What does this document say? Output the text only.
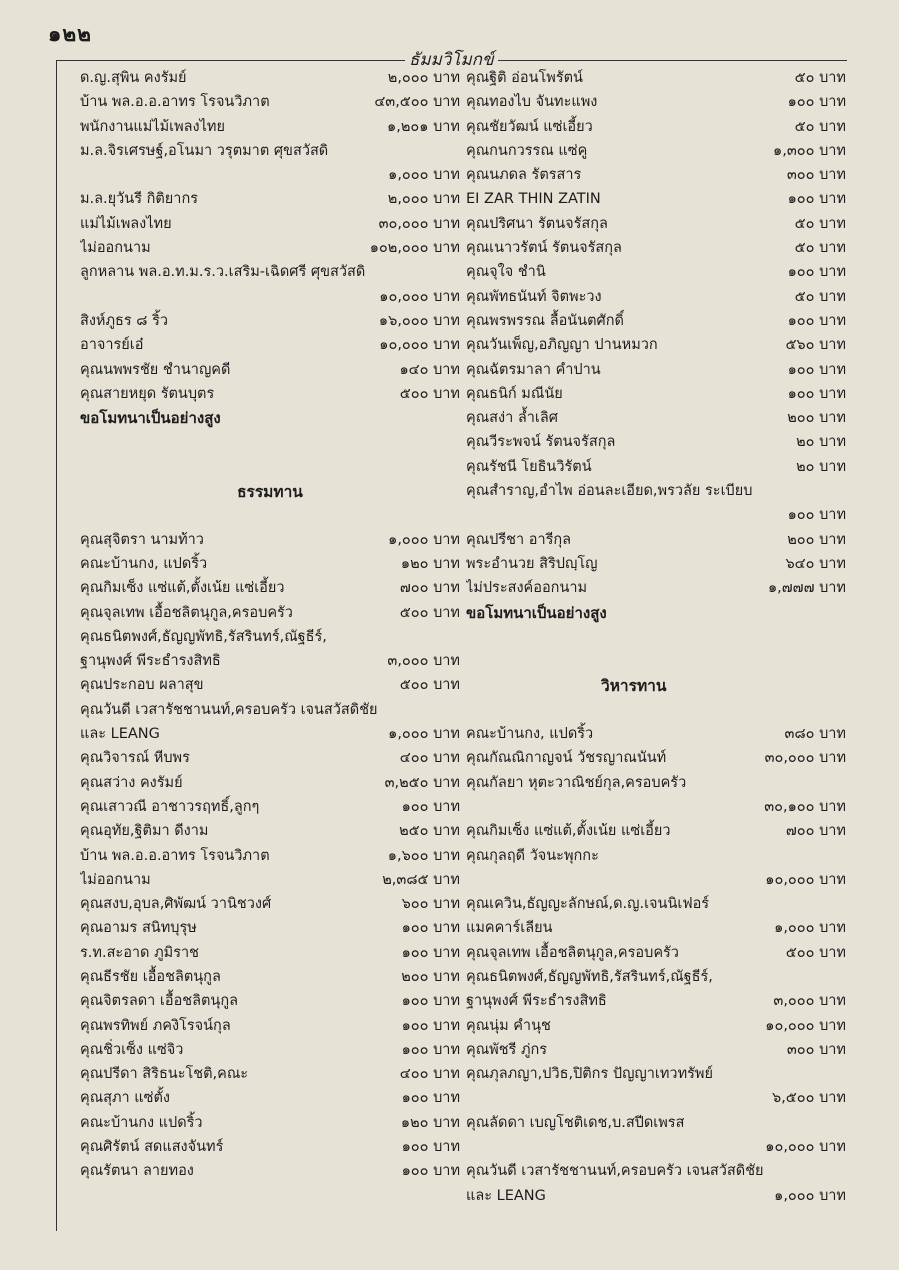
๑๒๒
ธัมมวิโมกข์
ด.ญ.สุพิน คงรัมย์	๒,๐๐๐ บาท
บ้าน พล.อ.อ.อาทร โรจนวิภาต	๔๓,๕๐๐ บาท
พนักงานแม่ไม้เพลงไทย	๑,๒๐๑ บาท
ม.ล.จิรเศรษฐ์,อโนมา วรุตมาต ศุขสวัสดิ
๑,๐๐๐ บาท
ม.ล.ยุวันรี กิติยากร	๒,๐๐๐ บาท
แม่ไม้เพลงไทย	๓๐,๐๐๐ บาท
ไม่ออกนาม	๑๐๒,๐๐๐ บาท
ลูกหลาน พล.อ.ท.ม.ร.ว.เสริม-เฉิดศรี ศุขสวัสดิ
๑๐,๐๐๐ บาท
สิงห์ภูธร ๘ ริ้ว	๑๖,๐๐๐ บาท
อาจารย์เอ๋	๑๐,๐๐๐ บาท
คุณนพพรชัย ชำนาญคดี	๑๔๐ บาท
คุณสายหยุด รัตนบุตร	๕๐๐ บาท
ขอโมทนาเป็นอย่างสูง
ธรรมทาน
คุณสุจิตรา นามท้าว	๑,๐๐๐ บาท
คณะบ้านกง, แปดริ้ว	๑๒๐ บาท
คุณกิมเซ็ง แซ่แต้,ตั้งเน้ย แซ่เอี้ยว	๗๐๐ บาท
คุณจุลเทพ เอื้อชลิตนุกูล,ครอบครัว	๕๐๐ บาท
คุณธนิตพงศ์,ธัญญพัทธิ,รัสรินทร์,ณัฐธีร์,
ฐานุพงศ์ พีระธำรงสิทธิ	๓,๐๐๐ บาท
คุณประกอบ ผลาสุข	๕๐๐ บาท
คุณวันดี เวสารัชชานนท์,ครอบครัว เจนสวัสดิชัย
และ LEANG	๑,๐๐๐ บาท
คุณวิจารณ์ หีบพร	๔๐๐ บาท
คุณสว่าง คงรัมย์	๓,๒๕๐ บาท
คุณเสาวณี อาชาวรฤทธิ์,ลูกๆ	๑๐๐ บาท
คุณอุทัย,ฐิติมา ดีงาม	๒๕๐ บาท
บ้าน พล.อ.อ.อาทร โรจนวิภาต	๑,๖๐๐ บาท
ไม่ออกนาม	๒,๓๘๕ บาท
คุณสงบ,อุบล,ศิพัฒน์ วานิชวงศ์	๖๐๐ บาท
คุณอามร สนิทบุรุษ	๑๐๐ บาท
ร.ท.สะอาด ภูมิราช	๑๐๐ บาท
คุณธีรชัย เอื้อชลิตนุกูล	๒๐๐ บาท
คุณจิตรลดา เอื้อชลิตนุกูล	๑๐๐ บาท
คุณพรทิพย์ ภคงิโรจน์กุล	๑๐๐ บาท
คุณชิ่วเซ็ง แซ่จิว	๑๐๐ บาท
คุณปรีดา สิริธนะโชติ,คณะ	๔๐๐ บาท
คุณสุภา แซ่ตั้ง	๑๐๐ บาท
คณะบ้านกง แปดริ้ว	๑๒๐ บาท
คุณศิรัตน์ สดแสงจันทร์	๑๐๐ บาท
คุณรัตนา ลายทอง	๑๐๐ บาท
คุณฐิติ อ่อนโพรัตน์	๕๐ บาท
คุณทองไบ จันทะแพง	๑๐๐ บาท
คุณชัยวัฒน์ แซ่เอี้ยว	๕๐ บาท
คุณกนกวรรณ แซ่คู	๑,๓๐๐ บาท
คุณนภดล รัตรสาร	๓๐๐ บาท
EI ZAR THIN ZATIN	๑๐๐ บาท
คุณปริศนา รัตนจรัสกุล	๕๐ บาท
คุณเนาวรัตน์ รัตนจรัสกุล	๕๐ บาท
คุณจุใจ ชำนิ	๑๐๐ บาท
คุณพัทธนันท์ จิตพะวง	๕๐ บาท
คุณพรพรรณ ลื้อนันตศักดิ์	๑๐๐ บาท
คุณวันเพ็ญ,อภิญญา ปานหมวก	๕๖๐ บาท
คุณฉัตรมาลา คำปาน	๑๐๐ บาท
คุณธนิก์ มณีนัย	๑๐๐ บาท
คุณสง่า ล้ำเลิศ	๒๐๐ บาท
คุณวีระพจน์ รัตนจรัสกุล	๒๐ บาท
คุณรัชนี โยธินวิรัตน์	๒๐ บาท
คุณสำราญ,อำไพ อ่อนละเอียด,พรวลัย ระเบียบ
๑๐๐ บาท
คุณปรีชา อารีกุล	๒๐๐ บาท
พระอำนวย สิริปญฺโญ	๖๔๐ บาท
ไม่ประสงค์ออกนาม	๑,๗๗๗ บาท
ขอโมทนาเป็นอย่างสูง
วิหารทาน
คณะบ้านกง, แปดริ้ว	๓๘๐ บาท
คุณกัณณิกาญจน์ วัชรญาณนันท์	๓๐,๐๐๐ บาท
คุณกัลยา หุตะวาณิชย์กุล,ครอบครัว
๓๐,๑๐๐ บาท
คุณกิมเซ็ง แซ่แต้,ตั้งเน้ย แซ่เอี้ยว	๗๐๐ บาท
คุณกุลฤดี วัจนะพุกกะ
๑๐,๐๐๐ บาท
คุณเควิน,ธัญญะลักษณ์,ด.ญ.เจนนิเฟอร์
แมคคาร์เลียน	๑,๐๐๐ บาท
คุณจุลเทพ เอื้อชลิตนุกูล,ครอบครัว	๕๐๐ บาท
คุณธนิตพงศ์,ธัญญพัทธิ,รัสรินทร์,ณัฐธีร์,
ฐานุพงศ์ พีระธำรงสิทธิ	๓,๐๐๐ บาท
คุณนุ่ม คำนุช	๑๐,๐๐๐ บาท
คุณพัชรี ภู่กร	๓๐๐ บาท
คุณภุลภญา,ปวิธ,ปิติกร ปัญญาเทวทรัพย์
๖,๕๐๐ บาท
คุณลัดดา เบญโชติเดช,บ.สปีดเพรส
๑๐,๐๐๐ บาท
คุณวันดี เวสารัชชานนท์,ครอบครัว เจนสวัสดิชัย
และ LEANG	๑,๐๐๐ บาท
